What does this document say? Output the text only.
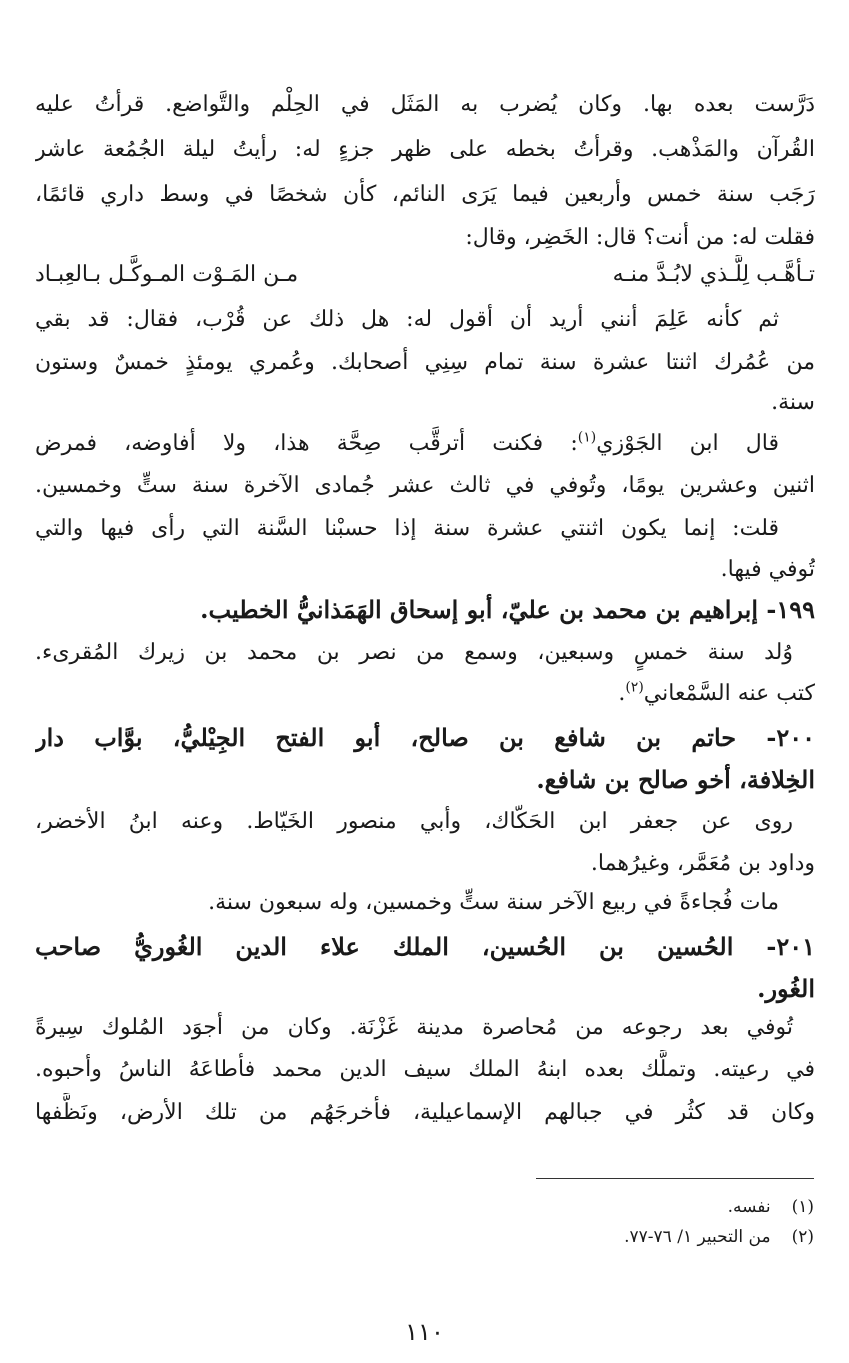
دَرَّست بعده بها. وكان يُضرب به المَثَل في الحِلْم والتَّواضع. قرأتُ عليه
القُرآن والمَذْهب. وقرأتُ بخطه على ظهر جزءٍ له: رأيتُ ليلة الجُمُعة عاشر
رَجَب سنة خمس وأربعين فيما يَرَى النائم، كأن شخصًا في وسط داري قائمًا،
فقلت له: من أنت؟ قال: الخَضِر، وقال:
تـأهَّـب لِلَّـذي لابُـدَّ منـه
مـن المَـوْت المـوكَّـل بـالعِبـاد
ثم كأنه عَلِمَ أنني أريد أن أقول له: هل ذلك عن قُرْب، فقال: قد بقي
من عُمُرك اثنتا عشرة سنة تمام سِنِي أصحابك. وعُمري يومئذٍ خمسٌ وستون
سنة.
قال ابن الجَوْزي$^{(١)}$: فكنت أترقَّب صِحَّة هذا، ولا أفاوضه، فمرض
اثنين وعشرين يومًا، وتُوفي في ثالث عشر جُمادى الآخرة سنة ستٍّ وخمسين.
قلت: إنما يكون اثنتي عشرة سنة إذا حسبْنا السَّنة التي رأى فيها والتي
تُوفي فيها.
١٩٩- إبراهيم بن محمد بن عليّ، أبو إسحاق الهَمَذانيُّ الخطيب.
وُلد سنة خمسٍ وسبعين، وسمع من نصر بن محمد بن زيرك المُقرىء.
كتب عنه السَّمْعاني$^{(٢)}$.
٢٠٠- حاتم بن شافع بن صالح، أبو الفتح الجِيْليُّ، بوَّاب دار
الخِلافة، أخو صالح بن شافع.
روى عن جعفر ابن الحَكّاك، وأبي منصور الخَيّاط. وعنه ابنُ الأخضر،
وداود بن مُعَمَّر، وغيرُهما.
مات فُجاءةً في ربيع الآخر سنة ستٍّ وخمسين، وله سبعون سنة.
٢٠١- الحُسين بن الحُسين، الملك علاء الدين الغُوريُّ صاحب
الغُور.
تُوفي بعد رجوعه من مُحاصرة مدينة غَزْنَة. وكان من أجوَد المُلوك سِيرةً
في رعيته. وتملَّك بعده ابنهُ الملك سيف الدين محمد فأطاعَهُ الناسُ وأحبوه.
وكان قد كثُر في جبالهم الإسماعيلية، فأخرجَهُم من تلك الأرض، ونَظَّفها
(١) نفسه.
(٢) من التحبير ١/ ٧٦-٧٧.
١١٠
